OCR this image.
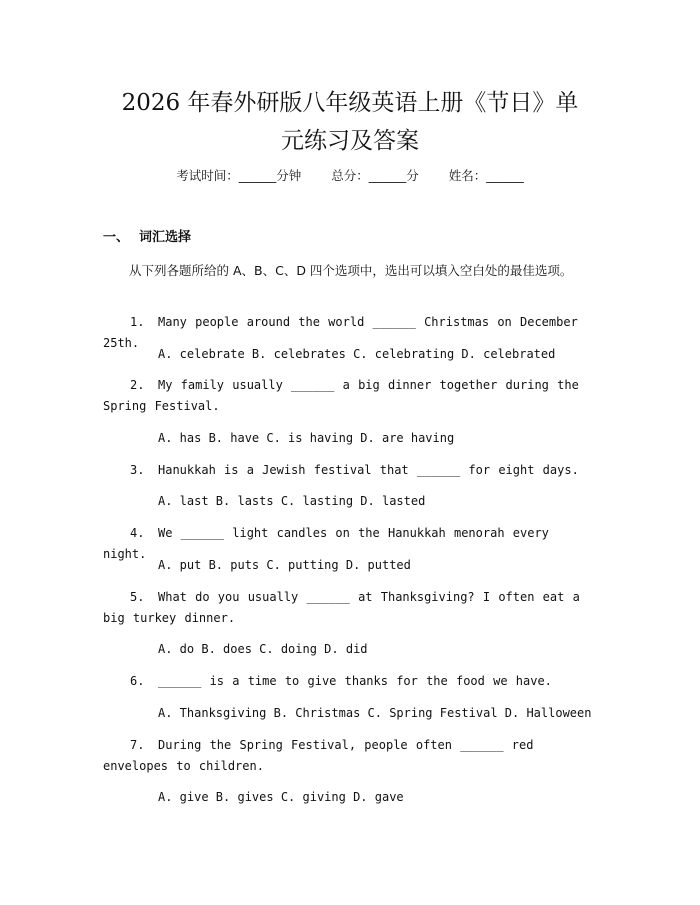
2026 年春外研版八年级英语上册《节日》单
元练习及答案
考试时间：______分钟 总分：______分 姓名：______
一、 词汇选择
从下列各题所给的 A、B、C、D 四个选项中，选出可以填入空白处的最佳选项。
1. Many people around the world ______ Christmas on December 25th.
A. celebrate B. celebrates C. celebrating D. celebrated
2. My family usually ______ a big dinner together during the Spring Festival.
A. has B. have C. is having D. are having
3. Hanukkah is a Jewish festival that ______ for eight days.
A. last B. lasts C. lasting D. lasted
4. We ______ light candles on the Hanukkah menorah every night.
A. put B. puts C. putting D. putted
5. What do you usually ______ at Thanksgiving? I often eat a big turkey dinner.
A. do B. does C. doing D. did
6. ______ is a time to give thanks for the food we have.
A. Thanksgiving B. Christmas C. Spring Festival D. Halloween
7. During the Spring Festival, people often ______ red envelopes to children.
A. give B. gives C. giving D. gave
